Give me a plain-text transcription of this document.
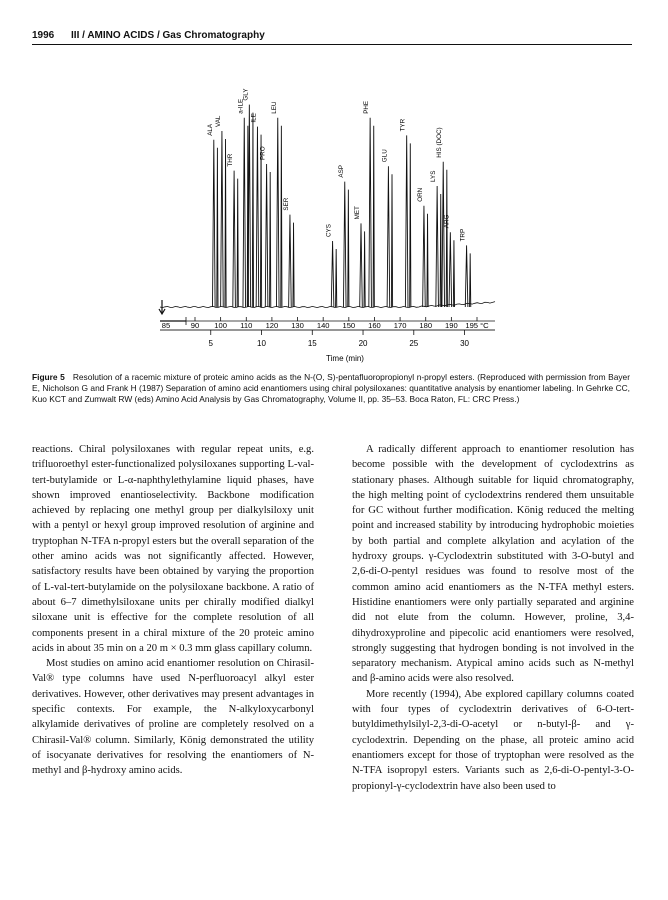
1996 III / AMINO ACIDS / Gas Chromatography
ALA
VAL
THR
a-ILE
GLY
ILE
PRO
LEU
SER
CYS
ASP
MET
PHE
GLU
TYR
ORN
LYS
HIS (DOC)
ARG
TRP
85	90 100 110 120 130 140 150 160 170 180 190 195 °C
5	10	15	20	25	30
Time (min)
Figure 5 Resolution of a racemic mixture of proteic amino acids as the N-(O, S)-pentafluoropropionyl n-propyl esters. (Reproduced with permission from Bayer E, Nicholson G and Frank H (1987) Separation of amino acid enantiomers using chiral polysiloxanes: quantitative analysis by enantiomer labeling. In Gehrke CC, Kuo KCT and Zumwalt RW (eds) Amino Acid Analysis by Gas Chromatography, Volume II, pp. 35–53. Boca Raton, FL: CRC Press.)

reactions. Chiral polysiloxanes with regular repeat units, e.g. trifluoroethyl ester-functionalized polysiloxanes supporting L-val-tert-butylamide or L-α-naphthylethylamine liquid phases, have shown improved enantioselectivity. Backbone modification achieved by replacing one methyl group per dialkylsiloxy unit with a pentyl or hexyl group improved resolution of arginine and tryptophan N-TFA n-propyl esters but the overall separation of the other amino acids was not significantly affected. However, satisfactory results have been obtained by varying the proportion of L-val-tert-butylamide on the polysiloxane backbone. A ratio of about 6–7 dimethylsiloxane units per chirally modified dialkyl siloxane unit is effective for the complete resolution of all components present in a chiral mixture of the 20 proteic amino acids in about 35 min on a 20 m × 0.3 mm glass capillary column.

Most studies on amino acid enantiomer resolution on Chirasil-Val® type columns have used N-perfluoroacyl alkyl ester derivatives. However, other derivatives may present advantages in specific contexts. For example, the N-alkyloxycarbonyl alkylamide derivatives of proline are completely resolved on a Chirasil-Val® column. Similarly, König demonstrated the utility of isocyanate derivatives for resolving the enantiomers of N-methyl and β-hydroxy amino acids.

A radically different approach to enantiomer resolution has become possible with the development of cyclodextrins as stationary phases. Although suitable for liquid chromatography, the high melting point of cyclodextrins rendered them unsuitable for GC without further modification. König reduced the melting point and increased stability by introducing hydrophobic moieties by both partial and complete alkylation and acylation of the hydroxy groups. γ-Cyclodextrin substituted with 3-O-butyl and 2,6-di-O-pentyl residues was found to resolve most of the common amino acid enantiomers as the N-TFA methyl esters. Histidine enantiomers were only partially separated and arginine did not elute from the column. However, proline, 3,4-dihydroxyproline and pipecolic acid enantiomers were resolved, strongly suggesting that hydrogen bonding is not involved in the separatory mechanism. Atypical amino acids such as N-methyl and β-amino acids were also resolved.

More recently (1994), Abe explored capillary columns coated with four types of cyclodextrin derivatives of 6-O-tert-butyldimethylsilyl-2,3-di-O-acetyl or n-butyl-β- and γ-cyclodextrin. Depending on the phase, all proteic amino acid enantiomers except for those of tryptophan were resolved as the N-TFA isopropyl esters. Variants such as 2,6-di-O-pentyl-3-O-propionyl-γ-cyclodextrin have also been used to
